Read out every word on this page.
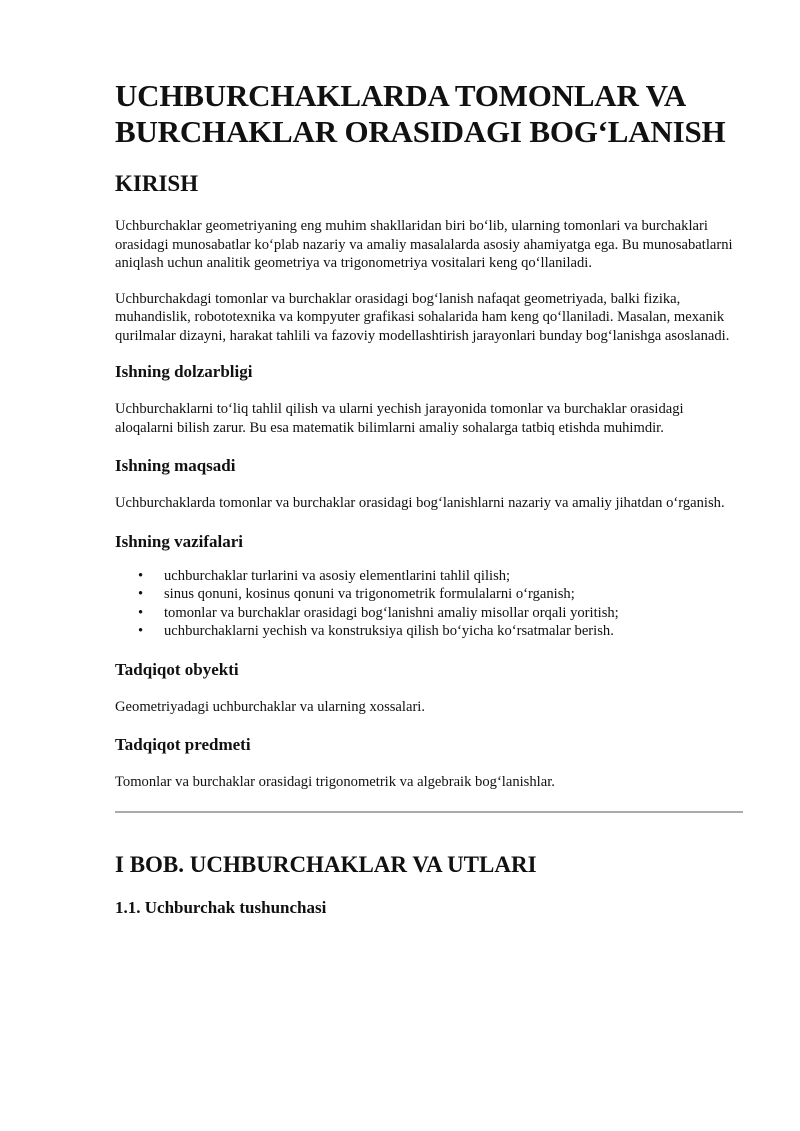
UCHBURCHAKLARDA TOMONLAR VA BURCHAKLAR ORASIDAGI BOG‘LANISH
KIRISH

Uchburchaklar geometriyaning eng muhim shakllaridan biri bo‘lib, ularning tomonlari va burchaklari orasidagi munosabatlar ko‘plab nazariy va amaliy masalalarda asosiy ahamiyatga ega. Bu munosabatlarni aniqlash uchun analitik geometriya va trigonometriya vositalari keng qo‘llaniladi.

Uchburchakdagi tomonlar va burchaklar orasidagi bog‘lanish nafaqat geometriyada, balki fizika, muhandislik, robototexnika va kompyuter grafikasi sohalarida ham keng qo‘llaniladi. Masalan, mexanik qurilmalar dizayni, harakat tahlili va fazoviy modellashtirish jarayonlari bunday bog‘lanishga asoslanadi.

Ishning dolzarbligi

Uchburchaklarni to‘liq tahlil qilish va ularni yechish jarayonida tomonlar va burchaklar orasidagi aloqalarni bilish zarur. Bu esa matematik bilimlarni amaliy sohalarga tatbiq etishda muhimdir.

Ishning maqsadi

Uchburchaklarda tomonlar va burchaklar orasidagi bog‘lanishlarni nazariy va amaliy jihatdan o‘rganish.

Ishning vazifalari
• uchburchaklar turlarini va asosiy elementlarini tahlil qilish;
• sinus qonuni, kosinus qonuni va trigonometrik formulalarni o‘rganish;
• tomonlar va burchaklar orasidagi bog‘lanishni amaliy misollar orqali yoritish;
• uchburchaklarni yechish va konstruksiya qilish bo‘yicha ko‘rsatmalar berish.
Tadqiqot obyekti

Geometriyadagi uchburchaklar va ularning xossalari.

Tadqiqot predmeti

Tomonlar va burchaklar orasidagi trigonometrik va algebraik bog‘lanishlar.

I BOB. UCHBURCHAKLAR VA UTLARI
1.1. Uchburchak tushunchasi
